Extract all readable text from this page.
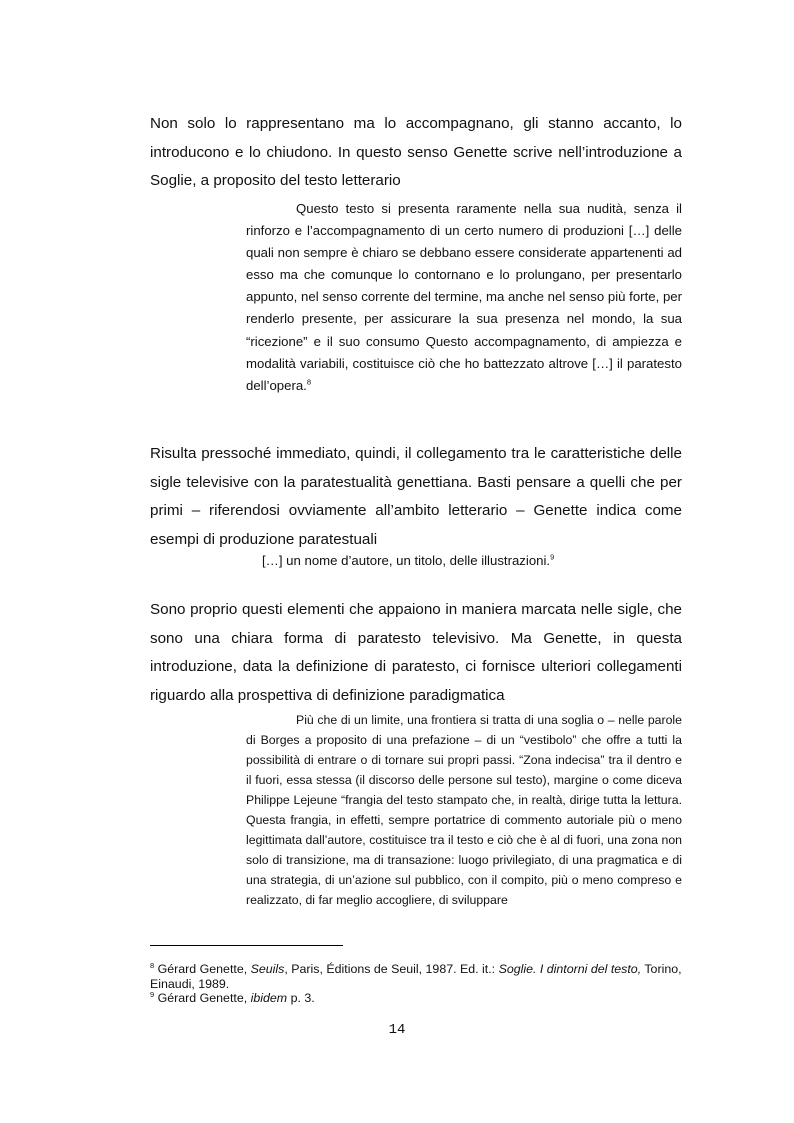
Non solo lo rappresentano ma lo accompagnano, gli stanno accanto, lo introducono e lo chiudono. In questo senso Genette scrive nell’introduzione a Soglie, a proposito del testo letterario

Questo testo si presenta raramente nella sua nudità, senza il rinforzo e l’accompagnamento di un certo numero di produzioni […] delle quali non sempre è chiaro se debbano essere considerate appartenenti ad esso ma che comunque lo contornano e lo prolungano, per presentarlo appunto, nel senso corrente del termine, ma anche nel senso più forte, per renderlo presente, per assicurare la sua presenza nel mondo, la sua “ricezione” e il suo consumo Questo accompagnamento, di ampiezza e modalità variabili, costituisce ciò che ho battezzato altrove […] il paratesto dell’opera.$^8$

Risulta pressoché immediato, quindi, il collegamento tra le caratteristiche delle sigle televisive con la paratestualità genettiana. Basti pensare a quelli che per primi – riferendosi ovviamente all’ambito letterario – Genette indica come esempi di produzione paratestuali

[…] un nome d’autore, un titolo, delle illustrazioni.$^9$

Sono proprio questi elementi che appaiono in maniera marcata nelle sigle, che sono una chiara forma di paratesto televisivo. Ma Genette, in questa introduzione, data la definizione di paratesto, ci fornisce ulteriori collegamenti riguardo alla prospettiva di definizione paradigmatica

Più che di un limite, una frontiera si tratta di una soglia o – nelle parole di Borges a proposito di una prefazione – di un “vestibolo” che offre a tutti la possibilità di entrare o di tornare sui propri passi. “Zona indecisa” tra il dentro e il fuori, essa stessa (il discorso delle persone sul testo), margine o come diceva Philippe Lejeune “frangia del testo stampato che, in realtà, dirige tutta la lettura. Questa frangia, in effetti, sempre portatrice di commento autoriale più o meno legittimata dall’autore, costituisce tra il testo e ciò che è al di fuori, una zona non solo di transizione, ma di transazione: luogo privilegiato, di una pragmatica e di una strategia, di un’azione sul pubblico, con il compito, più o meno compreso e realizzato, di far meglio accogliere, di sviluppare

$^8$ Gérard Genette, Seuils, Paris, Éditions de Seuil, 1987. Ed. it.: Soglie. I dintorni del testo, Torino, Einaudi, 1989.

$^9$ Gérard Genette, ibidem p. 3.

14
